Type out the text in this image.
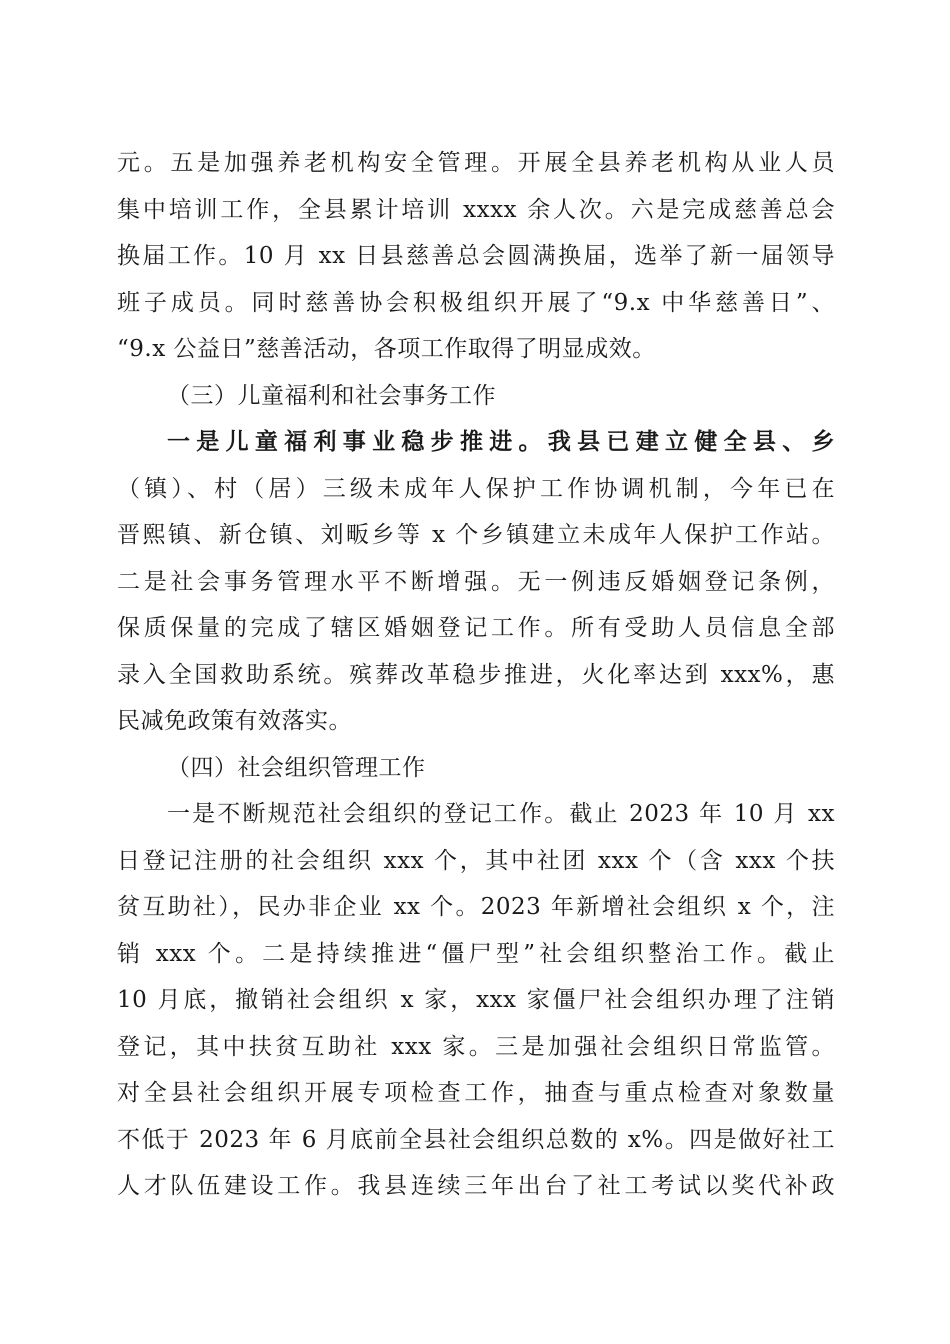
元。五是加强养老机构安全管理。开展全县养老机构从业人员
集中培训工作，全县累计培训 xxxx 余人次。六是完成慈善总会
换届工作。10 月 xx 日县慈善总会圆满换届，选举了新一届领导
班子成员。同时慈善协会积极组织开展了“9.x 中华慈善日”、
“9.x 公益日”慈善活动，各项工作取得了明显成效。
（三）儿童福利和社会事务工作
一是儿童福利事业稳步推进。我县已建立健全县、乡
（镇）、村（居）三级未成年人保护工作协调机制，今年已在
晋熙镇、新仓镇、刘畈乡等 x 个乡镇建立未成年人保护工作站。
二是社会事务管理水平不断增强。无一例违反婚姻登记条例，
保质保量的完成了辖区婚姻登记工作。所有受助人员信息全部
录入全国救助系统。殡葬改革稳步推进，火化率达到 xxx%，惠
民减免政策有效落实。
（四）社会组织管理工作
一是不断规范社会组织的登记工作。截止 2023 年 10 月 xx
日登记注册的社会组织 xxx 个，其中社团 xxx 个（含 xxx 个扶
贫互助社），民办非企业 xx 个。2023 年新增社会组织 x 个，注
销 xxx 个。二是持续推进“僵尸型”社会组织整治工作。截止
10 月底，撤销社会组织 x 家，xxx 家僵尸社会组织办理了注销
登记，其中扶贫互助社 xxx 家。三是加强社会组织日常监管。
对全县社会组织开展专项检查工作，抽查与重点检查对象数量
不低于 2023 年 6 月底前全县社会组织总数的 x%。四是做好社工
人才队伍建设工作。我县连续三年出台了社工考试以奖代补政
